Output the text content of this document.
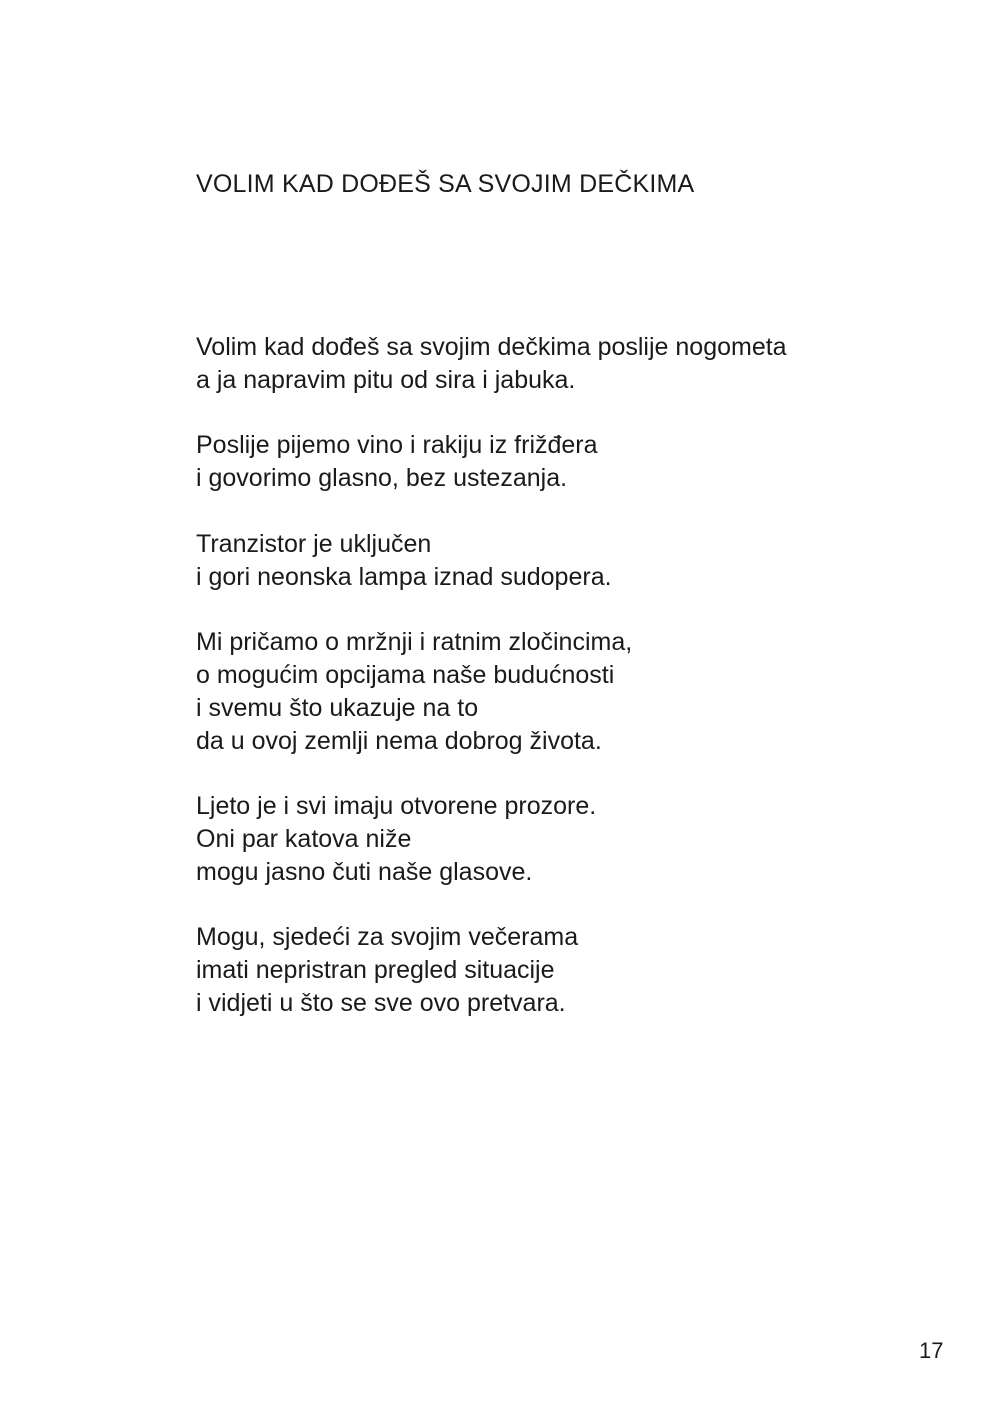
VOLIM KAD DOĐEŠ SA SVOJIM DEČKIMA
Volim kad dođeš sa svojim dečkima poslije nogometa
a ja napravim pitu od sira i jabuka.
Poslije pijemo vino i rakiju iz frižđera
i govorimo glasno, bez ustezanja.
Tranzistor je uključen
i gori neonska lampa iznad sudopera.
Mi pričamo o mržnji i ratnim zločincima,
o mogućim opcijama naše budućnosti
i svemu što ukazuje na to
da u ovoj zemlji nema dobrog života.
Ljeto je i svi imaju otvorene prozore.
Oni par katova niže
mogu jasno čuti naše glasove.
Mogu, sjedeći za svojim večerama
imati nepristran pregled situacije
i vidjeti u što se sve ovo pretvara.
17
